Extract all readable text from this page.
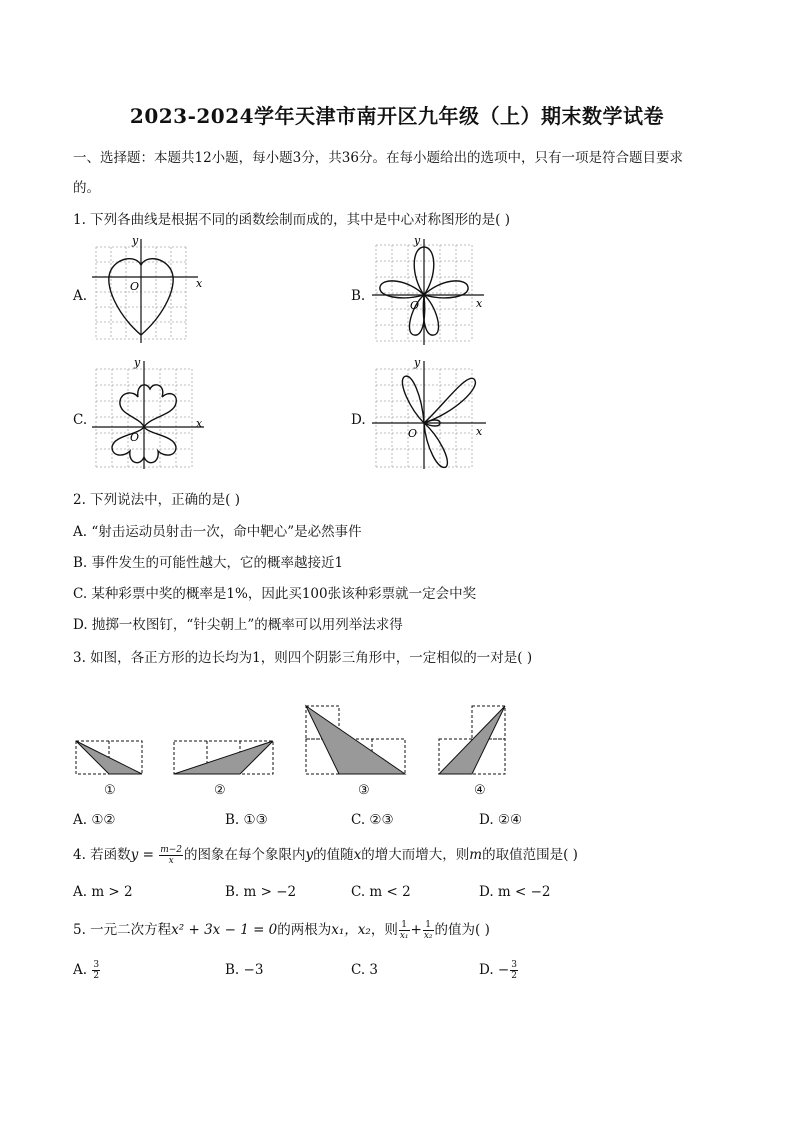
2023-2024学年天津市南开区九年级（上）期末数学试卷
一、选择题：本题共12小题，每小题3分，共36分。在每小题给出的选项中，只有一项是符合题目要求
的。
1. 下列各曲线是根据不同的函数绘制而成的，其中是中心对称图形的是( )
A.
x
y
O
B.	x
y
O
C.	x
y
O
D.
x
y
O
2. 下列说法中，正确的是( )
A. “射击运动员射击一次，命中靶心”是必然事件
B. 事件发生的可能性越大，它的概率越接近1
C. 某种彩票中奖的概率是1%，因此买100张该种彩票就一定会中奖
D. 抛掷一枚图钉，“针尖朝上”的概率可以用列举法求得
3. 如图，各正方形的边长均为1，则四个阴影三角形中，一定相似的一对是( )
①	②	③	④
A. ①②	B. ①③	C. ②③	D. ②④
4. 若函数$y = \frac{m-2}{x}$ 的图象在每个象限内y的值随x的增大而增大，则m的取值范围是( )
A. m > 2	B. m > −2	C. m < 2	D. m < −2
5. 一元二次方程x² + 3x − 1 = 0的两根为x₁，x₂，则 $\frac{1}{\text{x₁}} + \frac{1}{\text{x₂}}$ 的值为( )
A. $\frac{3}{2}$	B. −3	C. 3	D. − $\frac{3}{2}$
